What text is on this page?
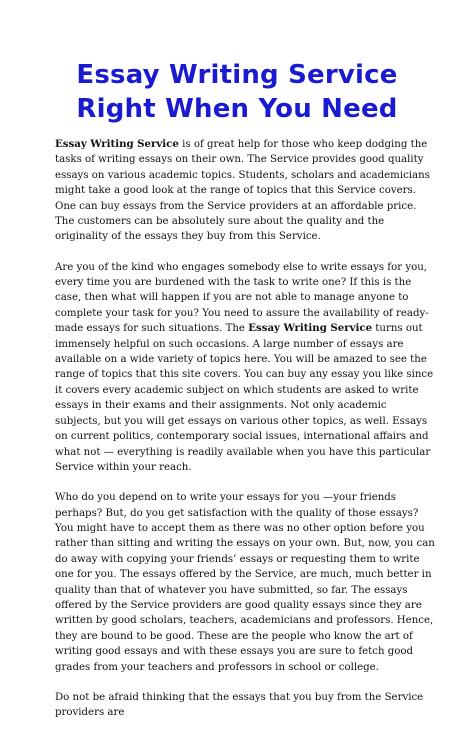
Essay Writing Service
Right When You Need

Essay Writing Service is of great help for those who keep dodging the tasks of writing essays on their own. The Service provides good quality essays on various academic topics. Students, scholars and academicians might take a good look at the range of topics that this Service covers. One can buy essays from the Service providers at an affordable price. The customers can be absolutely sure about the quality and the originality of the essays they buy from this Service.

Are you of the kind who engages somebody else to write essays for you, every time you are burdened with the task to write one? If this is the case, then what will happen if you are not able to manage anyone to complete your task for you? You need to assure the availability of ready-made essays for such situations. The Essay Writing Service turns out immensely helpful on such occasions. A large number of essays are available on a wide variety of topics here. You will be amazed to see the range of topics that this site covers. You can buy any essay you like since it covers every academic subject on which students are asked to write essays in their exams and their assignments. Not only academic subjects, but you will get essays on various other topics, as well. Essays on current politics, contemporary social issues, international affairs and what not — everything is readily available when you have this particular Service within your reach.

Who do you depend on to write your essays for you —your friends perhaps? But, do you get satisfaction with the quality of those essays? You might have to accept them as there was no other option before you rather than sitting and writing the essays on your own. But, now, you can do away with copying your friends’ essays or requesting them to write one for you. The essays offered by the Service, are much, much better in quality than that of whatever you have submitted, so far. The essays offered by the Service providers are good quality essays since they are written by good scholars, teachers, academicians and professors. Hence, they are bound to be good. These are the people who know the art of writing good essays and with these essays you are sure to fetch good grades from your teachers and professors in school or college.

Do not be afraid thinking that the essays that you buy from the Service providers are
